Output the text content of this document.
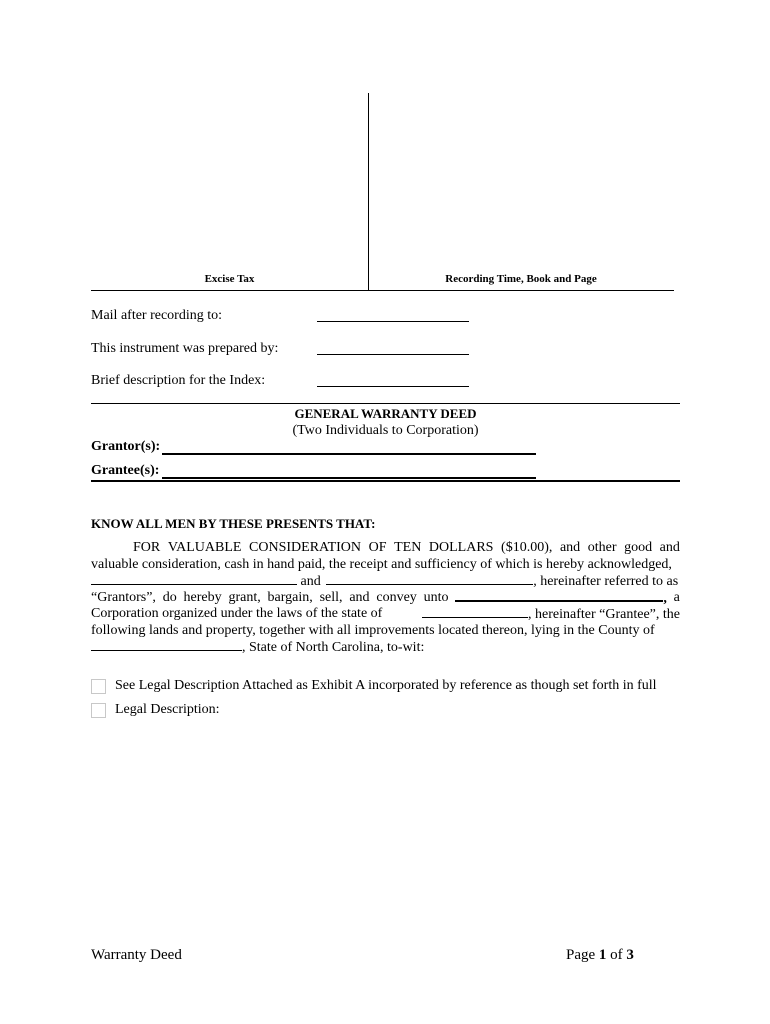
Excise Tax	Recording Time, Book and Page
Mail after recording to:
This instrument was prepared by:
Brief description for the Index:
GENERAL WARRANTY DEED
(Two Individuals to Corporation)
Grantor(s):
Grantee(s):
KNOW ALL MEN BY THESE PRESENTS THAT:
FOR VALUABLE CONSIDERATION OF TEN DOLLARS ($10.00), and other good and
valuable consideration, cash in hand paid, the receipt and sufficiency of which is hereby acknowledged,
and	, hereinafter referred to as
“Grantors”, do hereby grant, bargain, sell, and convey unto	, a
Corporation organized under the laws of the state of	, hereinafter “Grantee”, the
following lands and property, together with all improvements located thereon, lying in the County of
, State of North Carolina, to-wit:
See Legal Description Attached as Exhibit A incorporated by reference as though set forth in full
Legal Description:
Warranty Deed	Page 1 of 3
